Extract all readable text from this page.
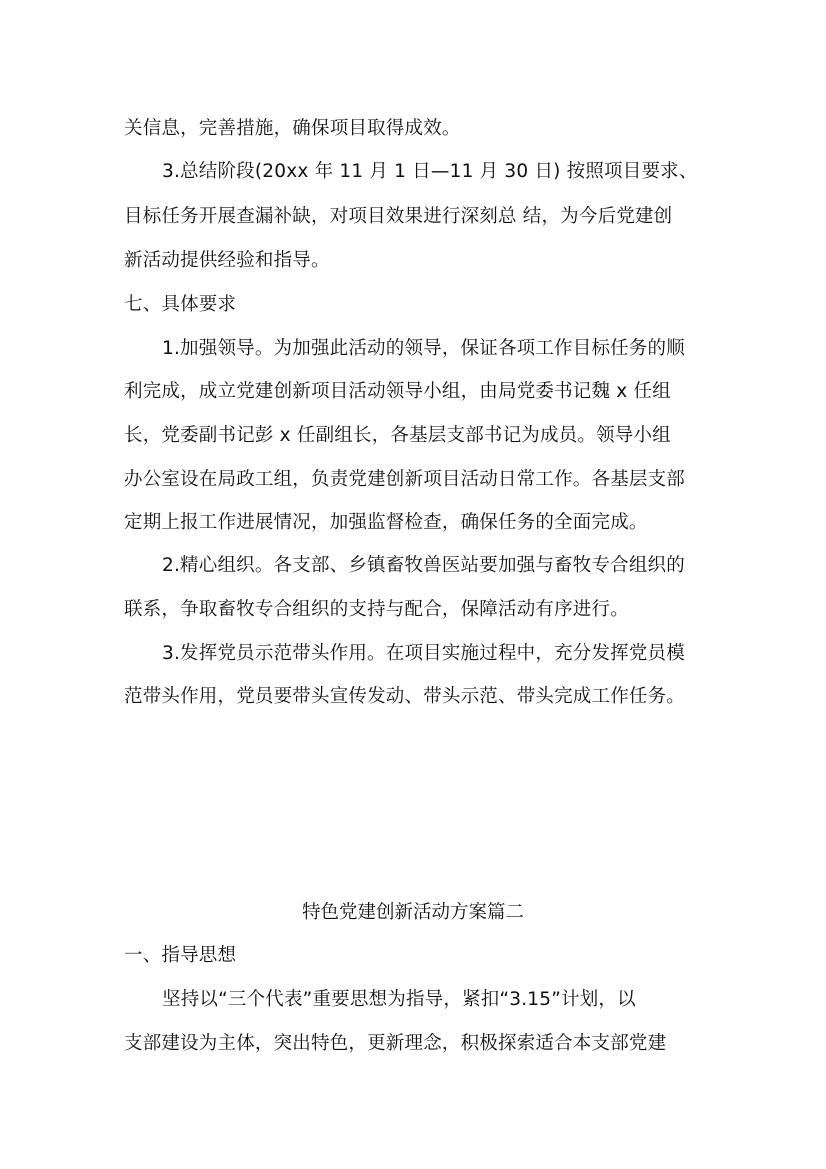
关信息，完善措施，确保项目取得成效。
3.总结阶段(20xx 年 11 月 1 日—11 月 30 日) 按照项目要求、
目标任务开展查漏补缺，对项目效果进行深刻总 结，为今后党建创
新活动提供经验和指导。
七、具体要求
1.加强领导。为加强此活动的领导，保证各项工作目标任务的顺
利完成，成立党建创新项目活动领导小组，由局党委书记魏 x 任组
长，党委副书记彭 x 任副组长，各基层支部书记为成员。领导小组
办公室设在局政工组，负责党建创新项目活动日常工作。各基层支部
定期上报工作进展情况，加强监督检查，确保任务的全面完成。
2.精心组织。各支部、乡镇畜牧兽医站要加强与畜牧专合组织的
联系，争取畜牧专合组织的支持与配合，保障活动有序进行。
3.发挥党员示范带头作用。在项目实施过程中，充分发挥党员模
范带头作用，党员要带头宣传发动、带头示范、带头完成工作任务。
特色党建创新活动方案篇二
一、指导思想
坚持以“三个代表”重要思想为指导，紧扣“3.15”计划，以
支部建设为主体，突出特色，更新理念，积极探索适合本支部党建
